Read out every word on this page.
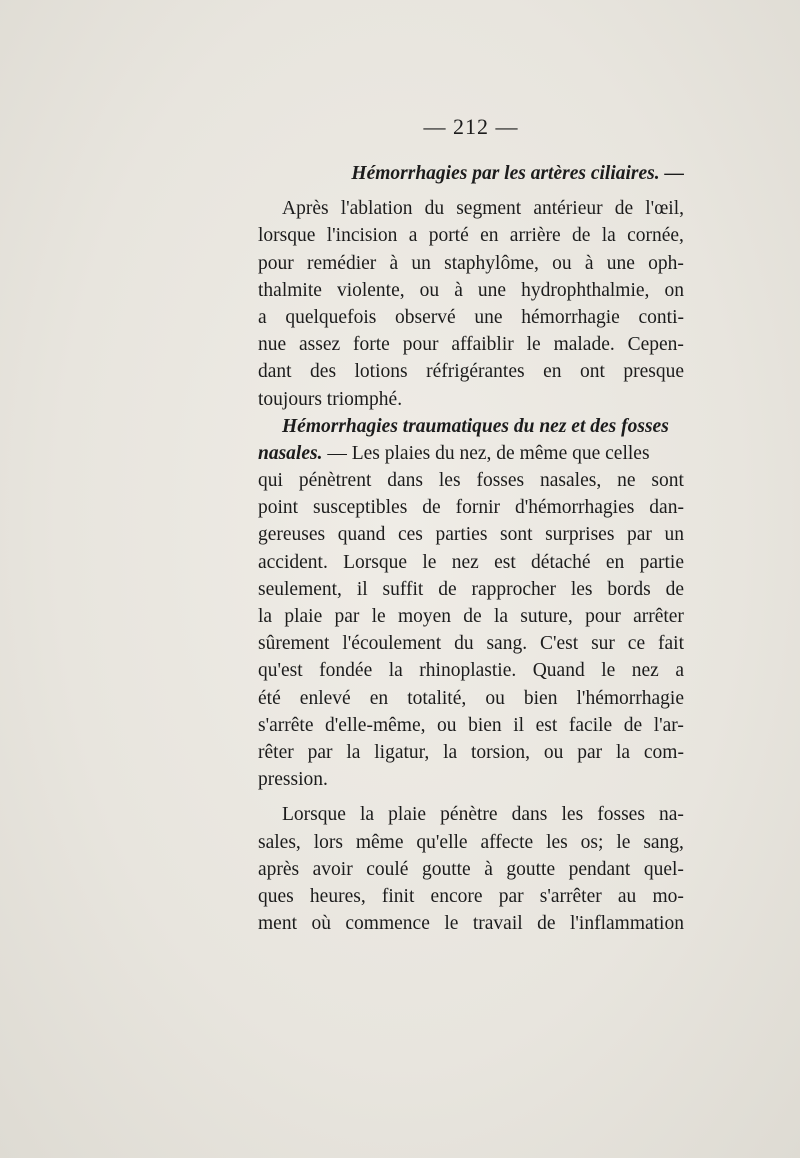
— 212 —
Hémorrhagies par les artères ciliaires. —
Après l'ablation du segment antérieur de l'œil,
lorsque l'incision a porté en arrière de la cornée,
pour remédier à un staphylôme, ou à une oph-
thalmite violente, ou à une hydrophthalmie, on
a quelquefois observé une hémorrhagie conti-
nue assez forte pour affaiblir le malade. Cepen-
dant des lotions réfrigérantes en ont presque
toujours triomphé.
Hémorrhagies traumatiques du nez et des fosses
nasales. — Les plaies du nez, de même que celles
qui pénètrent dans les fosses nasales, ne sont
point susceptibles de fornir d'hémorrhagies dan-
gereuses quand ces parties sont surprises par un
accident. Lorsque le nez est détaché en partie
seulement, il suffit de rapprocher les bords de
la plaie par le moyen de la suture, pour arrêter
sûrement l'écoulement du sang. C'est sur ce fait
qu'est fondée la rhinoplastie. Quand le nez a
été enlevé en totalité, ou bien l'hémorrhagie
s'arrête d'elle-même, ou bien il est facile de l'ar-
rêter par la ligatur, la torsion, ou par la com-
pression.
Lorsque la plaie pénètre dans les fosses na-
sales, lors même qu'elle affecte les os; le sang,
après avoir coulé goutte à goutte pendant quel-
ques heures, finit encore par s'arrêter au mo-
ment où commence le travail de l'inflammation
